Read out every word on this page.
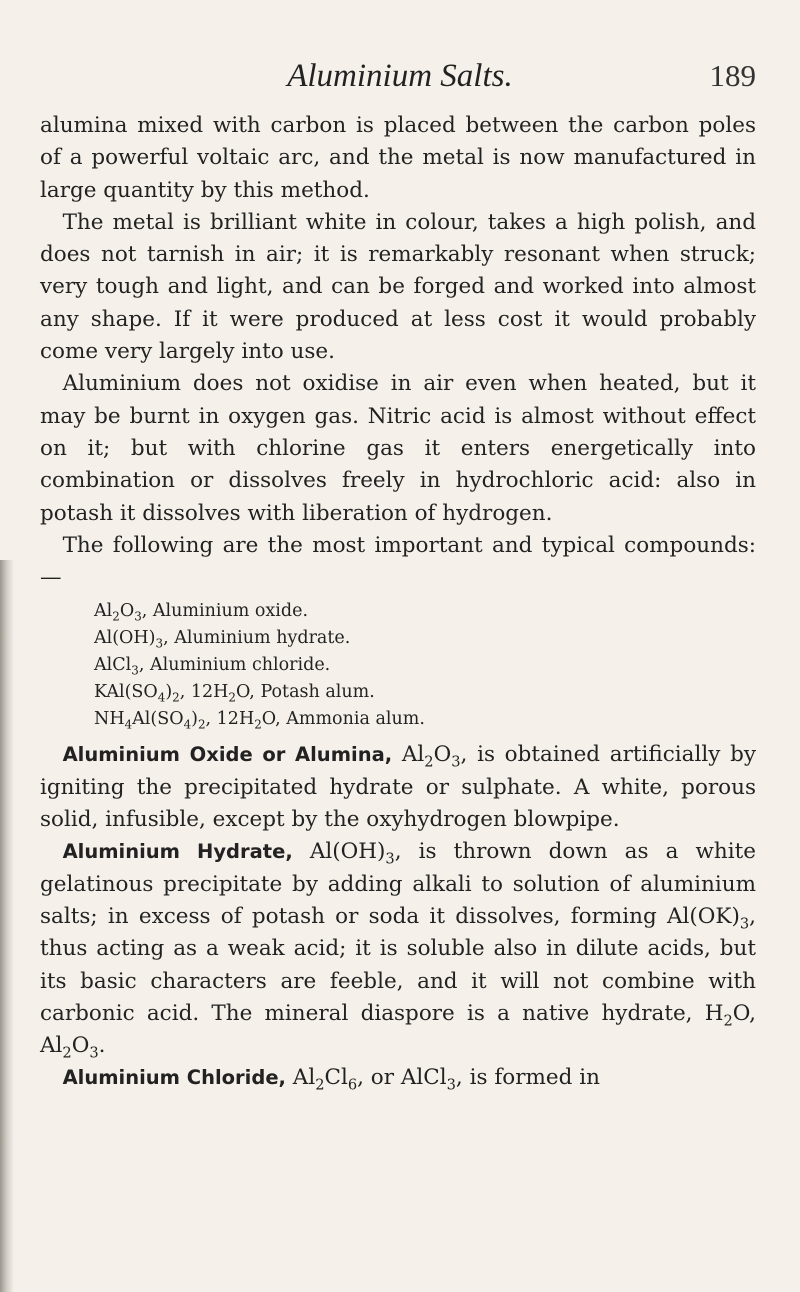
Aluminium Salts.	189

alumina mixed with carbon is placed between the carbon poles of a powerful voltaic arc, and the metal is now manufactured in large quantity by this method.

The metal is brilliant white in colour, takes a high polish, and does not tarnish in air; it is remarkably resonant when struck; very tough and light, and can be forged and worked into almost any shape. If it were produced at less cost it would probably come very largely into use.

Aluminium does not oxidise in air even when heated, but it may be burnt in oxygen gas. Nitric acid is almost without effect on it; but with chlorine gas it enters energetically into combination or dissolves freely in hydrochloric acid: also in potash it dissolves with liberation of hydrogen.

The following are the most important and typical compounds:—

$Al_2O_3$, Aluminium oxide.
$Al(OH)_3$, Aluminium hydrate.
AlCl$_3$, Aluminium chloride.
$KAl(SO_4)_2$, $12H_2O$, Potash alum.
$NH_4Al(SO_4)_2$, $12H_2O$, Ammonia alum.

Aluminium Oxide or Alumina, $Al_2O_3$, is obtained artificially by igniting the precipitated hydrate or sulphate. A white, porous solid, infusible, except by the oxyhydrogen blowpipe.

Aluminium Hydrate, $Al(OH)_3$, is thrown down as a white gelatinous precipitate by adding alkali to solution of aluminium salts; in excess of potash or soda it dissolves, forming $Al(OK)_3$, thus acting as a weak acid; it is soluble also in dilute acids, but its basic characters are feeble, and it will not combine with carbonic acid. The mineral diaspore is a native hydrate, $H_2O$, $Al_2O_3$.

Aluminium Chloride, $Al_2Cl_6$, or AlCl$_3$, is formed in
